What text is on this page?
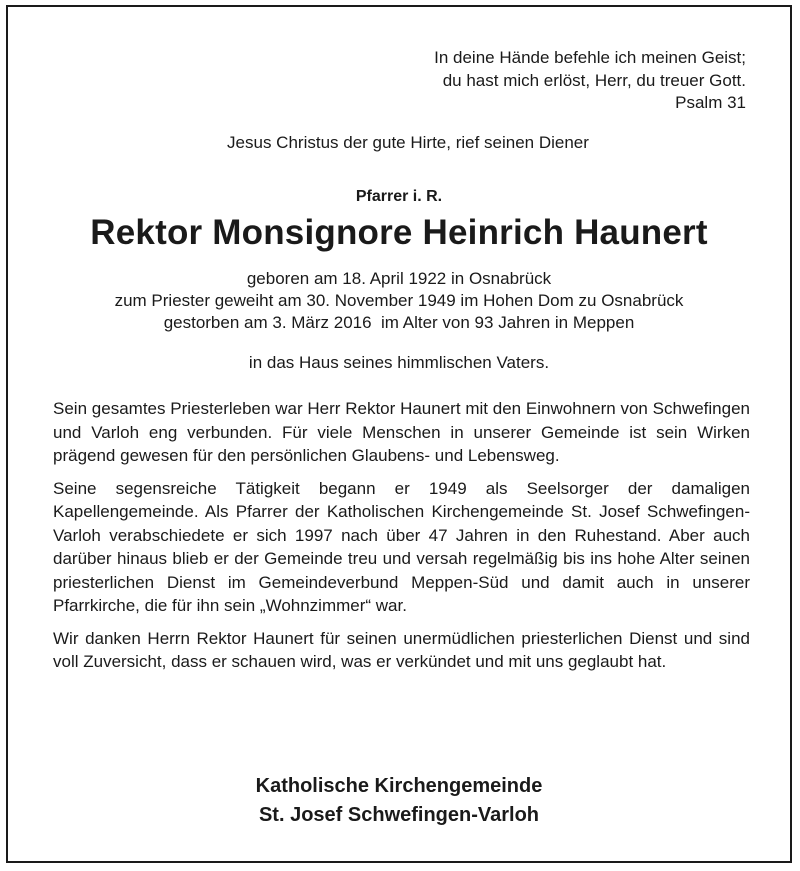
In deine Hände befehle ich meinen Geist;
du hast mich erlöst, Herr, du treuer Gott.
Psalm 31
Jesus Christus der gute Hirte, rief seinen Diener
Pfarrer i. R.
Rektor Monsignore Heinrich Haunert
geboren am 18. April 1922 in Osnabrück
zum Priester geweiht am 30. November 1949 im Hohen Dom zu Osnabrück
gestorben am 3. März 2016  im Alter von 93 Jahren in Meppen
in das Haus seines himmlischen Vaters.

Sein gesamtes Priesterleben war Herr Rektor Haunert mit den Einwohnern von Schwefingen und Varloh eng verbunden. Für viele Menschen in unserer Gemeinde ist sein Wirken prägend gewesen für den persönlichen Glaubens- und Lebensweg.

Seine segensreiche Tätigkeit begann er 1949 als Seelsorger der damaligen Kapellengemeinde. Als Pfarrer der Katholischen Kirchengemeinde St. Josef Schwefingen-Varloh verabschiedete er sich 1997 nach über 47 Jahren in den Ruhestand. Aber auch darüber hinaus blieb er der Gemeinde treu und versah regelmäßig bis ins hohe Alter seinen priesterlichen Dienst im Gemeindeverbund Meppen-Süd und damit auch in unserer Pfarrkirche, die für ihn sein „Wohnzimmer“ war.

Wir danken Herrn Rektor Haunert für seinen unermüdlichen priesterlichen Dienst und sind voll Zuversicht, dass er schauen wird, was er verkündet und mit uns geglaubt hat.

Katholische Kirchengemeinde
St. Josef Schwefingen-Varloh
